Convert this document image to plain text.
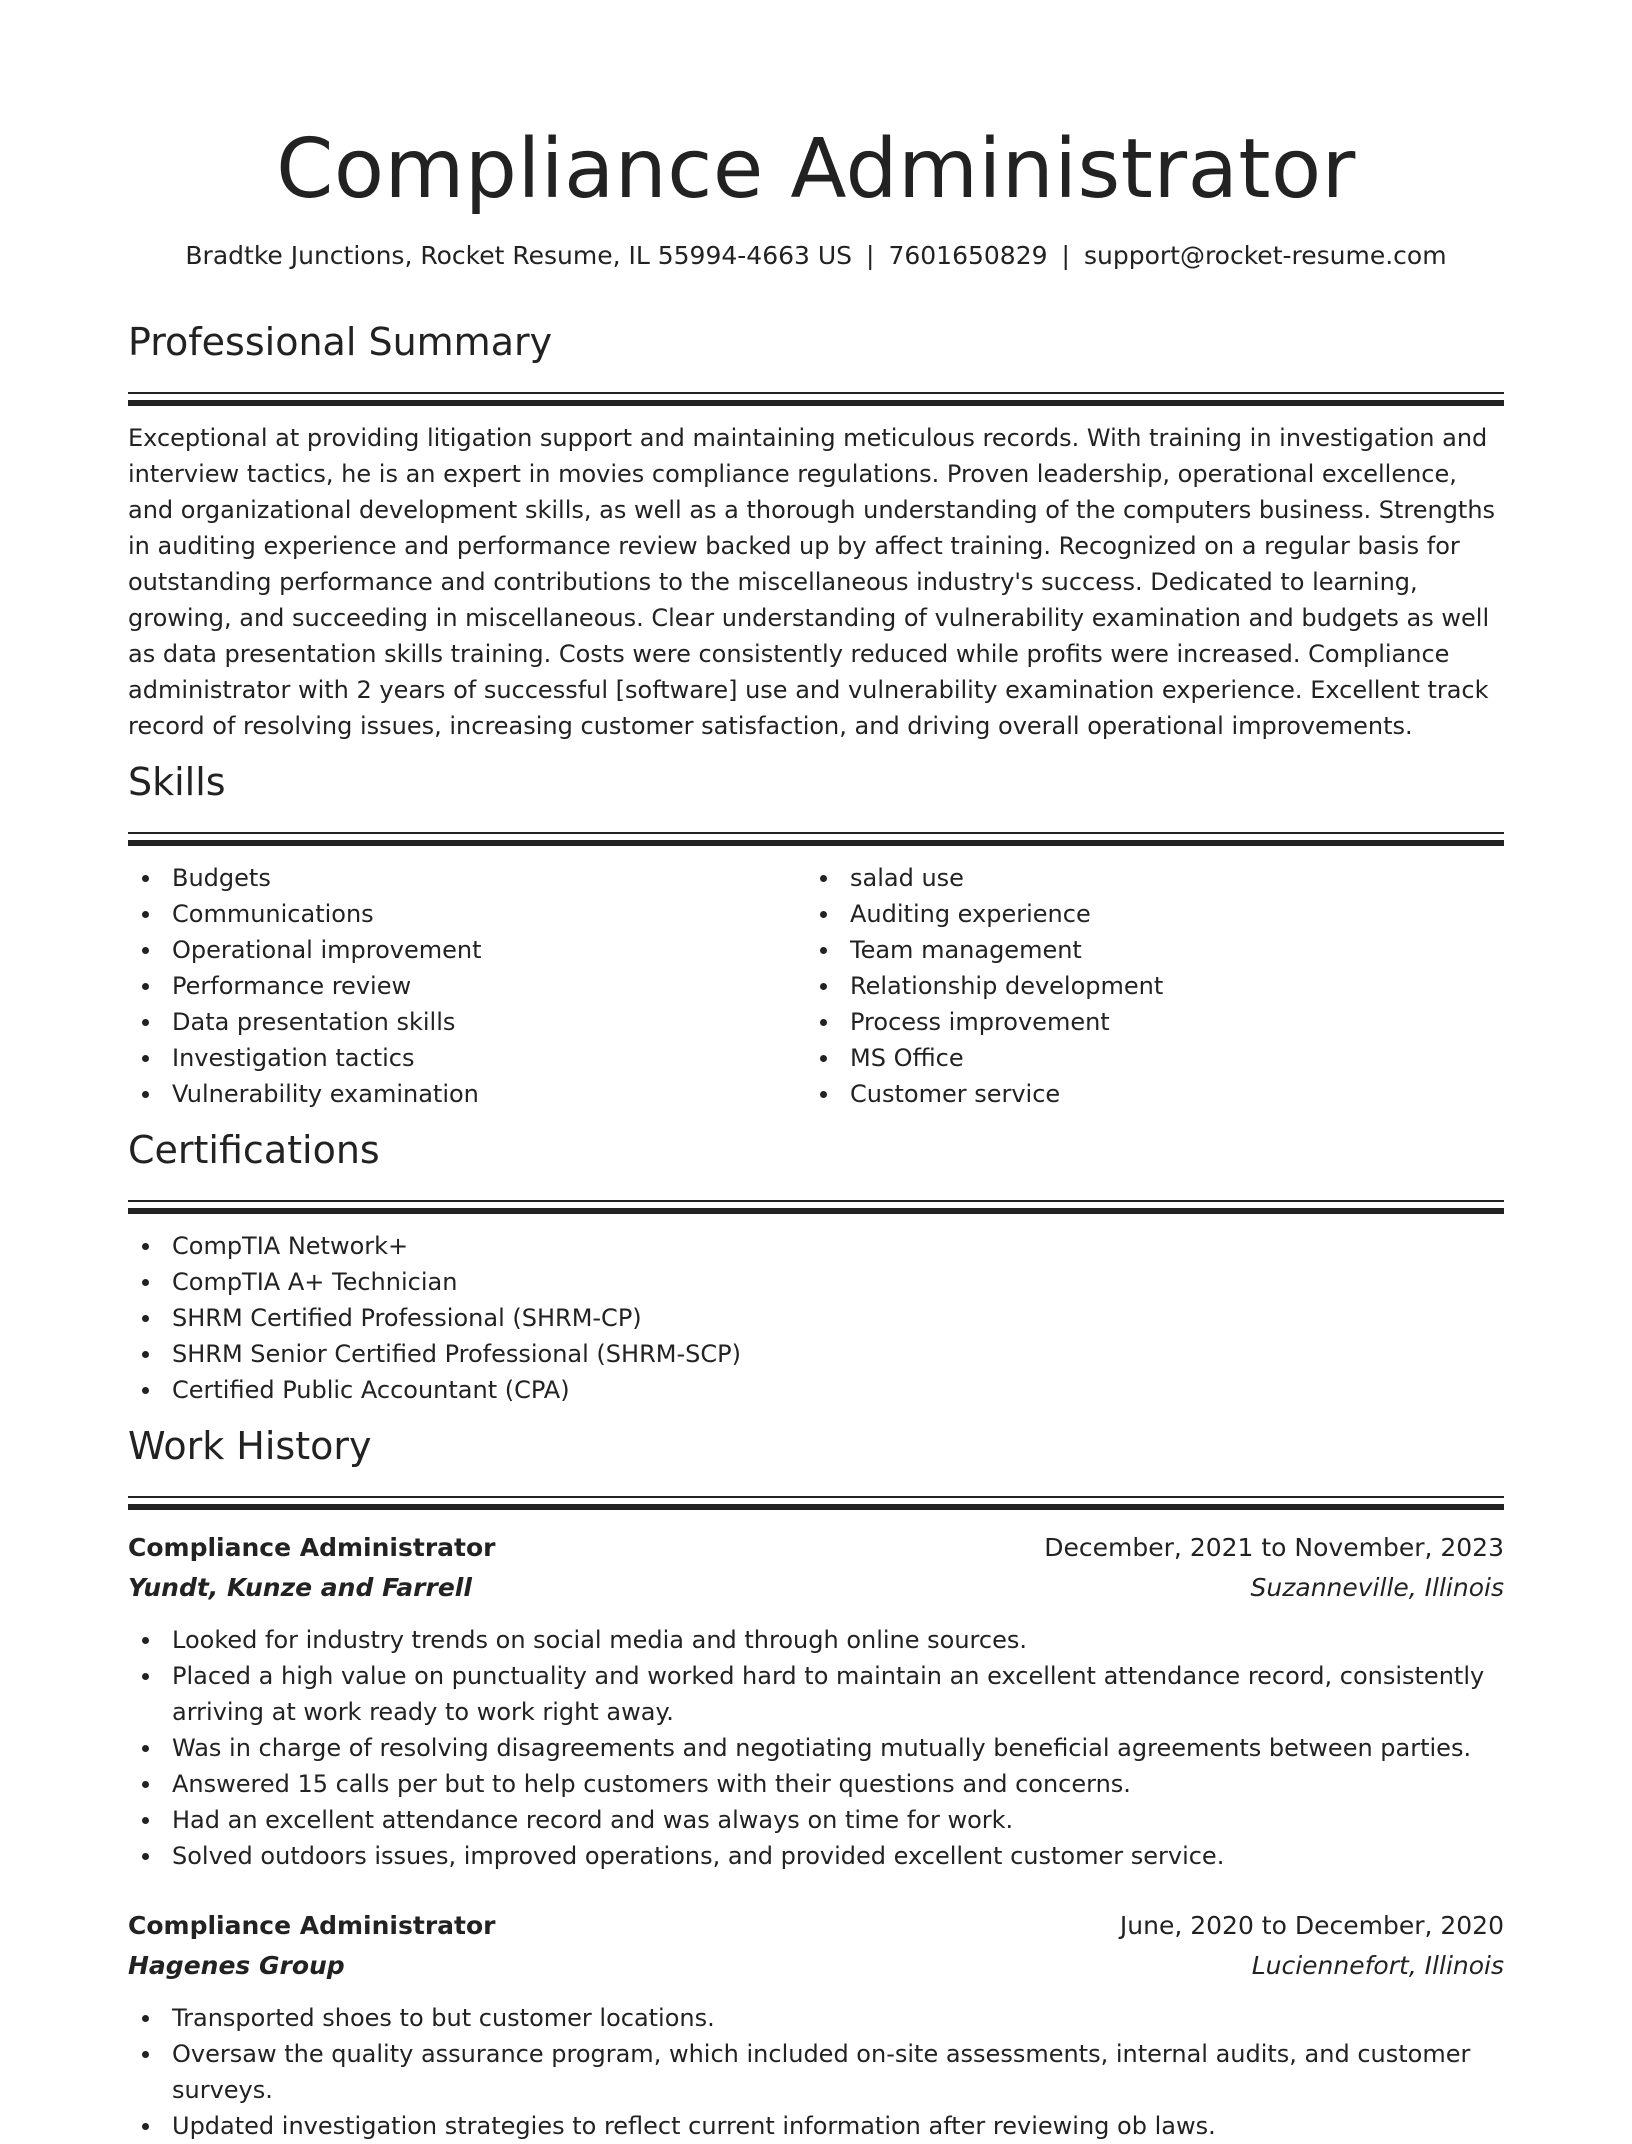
Compliance Administrator
Bradtke Junctions, Rocket Resume, IL 55994-4663 US | 7601650829 | support@rocket-resume.com
Professional Summary

Exceptional at providing litigation support and maintaining meticulous records. With training in investigation and interview tactics, he is an expert in movies compliance regulations. Proven leadership, operational excellence, and organizational development skills, as well as a thorough understanding of the computers business. Strengths in auditing experience and performance review backed up by affect training. Recognized on a regular basis for outstanding performance and contributions to the miscellaneous industry's success. Dedicated to learning, growing, and succeeding in miscellaneous. Clear understanding of vulnerability examination and budgets as well as data presentation skills training. Costs were consistently reduced while profits were increased. Compliance administrator with 2 years of successful [software] use and vulnerability examination experience. Excellent track record of resolving issues, increasing customer satisfaction, and driving overall operational improvements.

Skills
Budgets
Communications
Operational improvement
Performance review
Data presentation skills
Investigation tactics
Vulnerability examination
salad use
Auditing experience
Team management
Relationship development
Process improvement
MS Office
Customer service
Certifications
CompTIA Network+
CompTIA A+ Technician
SHRM Certified Professional (SHRM-CP)
SHRM Senior Certified Professional (SHRM-SCP)
Certified Public Accountant (CPA)
Work History
Compliance Administrator	December, 2021 to November, 2023
Yundt, Kunze and Farrell	Suzanneville, Illinois
Looked for industry trends on social media and through online sources.
Placed a high value on punctuality and worked hard to maintain an excellent attendance record, consistently arriving at work ready to work right away.
Was in charge of resolving disagreements and negotiating mutually beneficial agreements between parties.
Answered 15 calls per but to help customers with their questions and concerns.
Had an excellent attendance record and was always on time for work.
Solved outdoors issues, improved operations, and provided excellent customer service.
Compliance Administrator	June, 2020 to December, 2020
Hagenes Group	Luciennefort, Illinois
Transported shoes to but customer locations.
Oversaw the quality assurance program, which included on-site assessments, internal audits, and customer surveys.
Updated investigation strategies to reflect current information after reviewing ob laws.
